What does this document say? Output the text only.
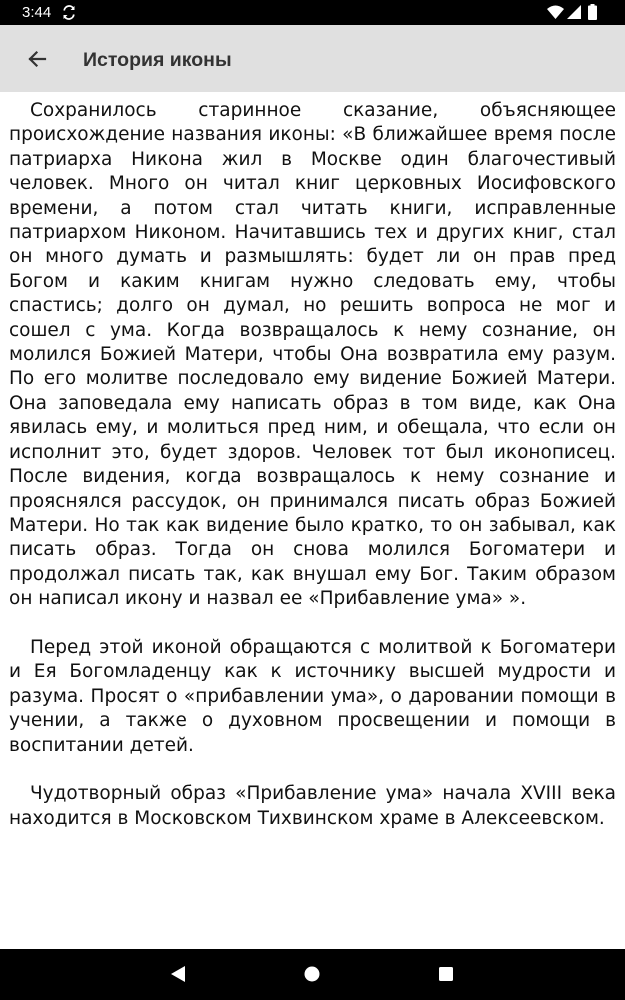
3:44
История иконы

Сохранилось старинное сказание, объясняющее происхождение названия иконы: «В ближайшее время после патриарха Никона жил в Москве один благочестивый человек. Много он читал книг церковных Иосифовского времени, а потом стал читать книги, исправленные патриархом Никоном. Начитавшись тех и других книг, стал он много думать и размышлять: будет ли он прав пред Богом и каким книгам нужно следовать ему, чтобы спастись; долго он думал, но решить вопроса не мог и сошел с ума. Когда возвращалось к нему сознание, он молился Божией Матери, чтобы Она возвратила ему разум. По его молитве последовало ему видение Божией Матери. Она заповедала ему написать образ в том виде, как Она явилась ему, и молиться пред ним, и обещала, что если он исполнит это, будет здоров. Человек тот был иконописец. После видения, когда возвращалось к нему сознание и прояснялся рассудок, он принимался писать образ Божией Матери. Но так как видение было кратко, то он забывал, как писать образ. Тогда он снова молился Богоматери и продолжал писать так, как внушал ему Бог. Таким образом он написал икону и назвал ее «Прибавление ума» ».

Перед этой иконой обращаются с молитвой к Богоматери и Ея Богомладенцу как к источнику высшей мудрости и разума. Просят о «прибавлении ума», о даровании помощи в учении, а также о духовном просвещении и помощи в воспитании детей.

Чудотворный образ «Прибавление ума» начала XVIII века находится в Московском Тихвинском храме в Алексеевском.
